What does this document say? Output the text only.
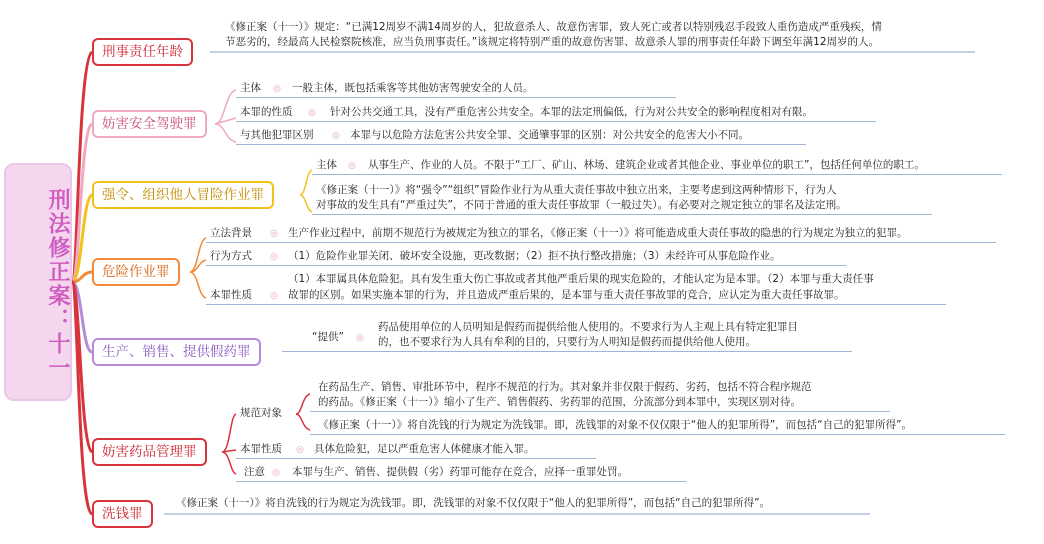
刑法修正案：十一
刑事责任年龄
《修正案（十一）》规定：“已满12周岁不满14周岁的人，犯故意杀人、故意伤害罪，致人死亡或者以特别残忍手段致人重伤造成严重残疾，情
节恶劣的，经最高人民检察院核准，应当负刑事责任。”该规定将特别严重的故意伤害罪、故意杀人罪的刑事责任年龄下调至年满12周岁的人。
妨害安全驾驶罪
主体 ◎ 一般主体，既包括乘客等其他妨害驾驶安全的人员。
本罪的性质 ◎ 针对公共交通工具，没有严重危害公共安全。本罪的法定刑偏低，行为对公共安全的影响程度相对有限。
与其他犯罪区别 ◎ 本罪与以危险方法危害公共安全罪、交通肇事罪的区别：对公共安全的危害大小不同。
强令、组织他人冒险作业罪
主体 ◎ 从事生产、作业的人员。不限于“工厂、矿山、林场、建筑企业或者其他企业、事业单位的职工”，包括任何单位的职工。
《修正案（十一）》将“强令”“组织”冒险作业行为从重大责任事故中独立出来，主要考虑到这两种情形下，行为人
对事故的发生具有“严重过失”，不同于普通的重大责任事故罪（一般过失）。有必要对之规定独立的罪名及法定刑。
危险作业罪
立法背景 ◎ 生产作业过程中，前期不规范行为被规定为独立的罪名，《修正案（十一）》将可能造成重大责任事故的隐患的行为规定为独立的犯罪。
行为方式 ◎ （1）危险作业罪关闭、破坏安全设施，更改数据；（2）拒不执行整改措施；（3）未经许可从事危险作业。
本罪性质 ◎
（1）本罪属具体危险犯。具有发生重大伤亡事故或者其他严重后果的现实危险的，才能认定为是本罪。（2）本罪与重大责任事
故罪的区别。如果实施本罪的行为，并且造成严重后果的，是本罪与重大责任事故罪的竞合，应认定为重大责任事故罪。
生产、销售、提供假药罪
“提供” ◎
药品使用单位的人员明知是假药而提供给他人使用的。不要求行为人主观上具有特定犯罪目
的，也不要求行为人具有牟利的目的，只要行为人明知是假药而提供给他人使用。
妨害药品管理罪
规范对象
在药品生产、销售、审批环节中，程序不规范的行为。其对象并非仅限于假药、劣药，包括不符合程序规范
的药品。《修正案（十一）》缩小了生产、销售假药、劣药罪的范围，分流部分到本罪中，实现区别对待。
《修正案（十一）》将自洗钱的行为规定为洗钱罪。即，洗钱罪的对象不仅仅限于“他人的犯罪所得”，而包括“自己的犯罪所得”。
本罪性质 ◎ 具体危险犯，足以严重危害人体健康才能入罪。
注意 ◎ 本罪与生产、销售、提供假（劣）药罪可能存在竞合，应择一重罪处罚。
洗钱罪
《修正案（十一）》将自洗钱的行为规定为洗钱罪。即，洗钱罪的对象不仅仅限于“他人的犯罪所得”，而包括“自己的犯罪所得”。
